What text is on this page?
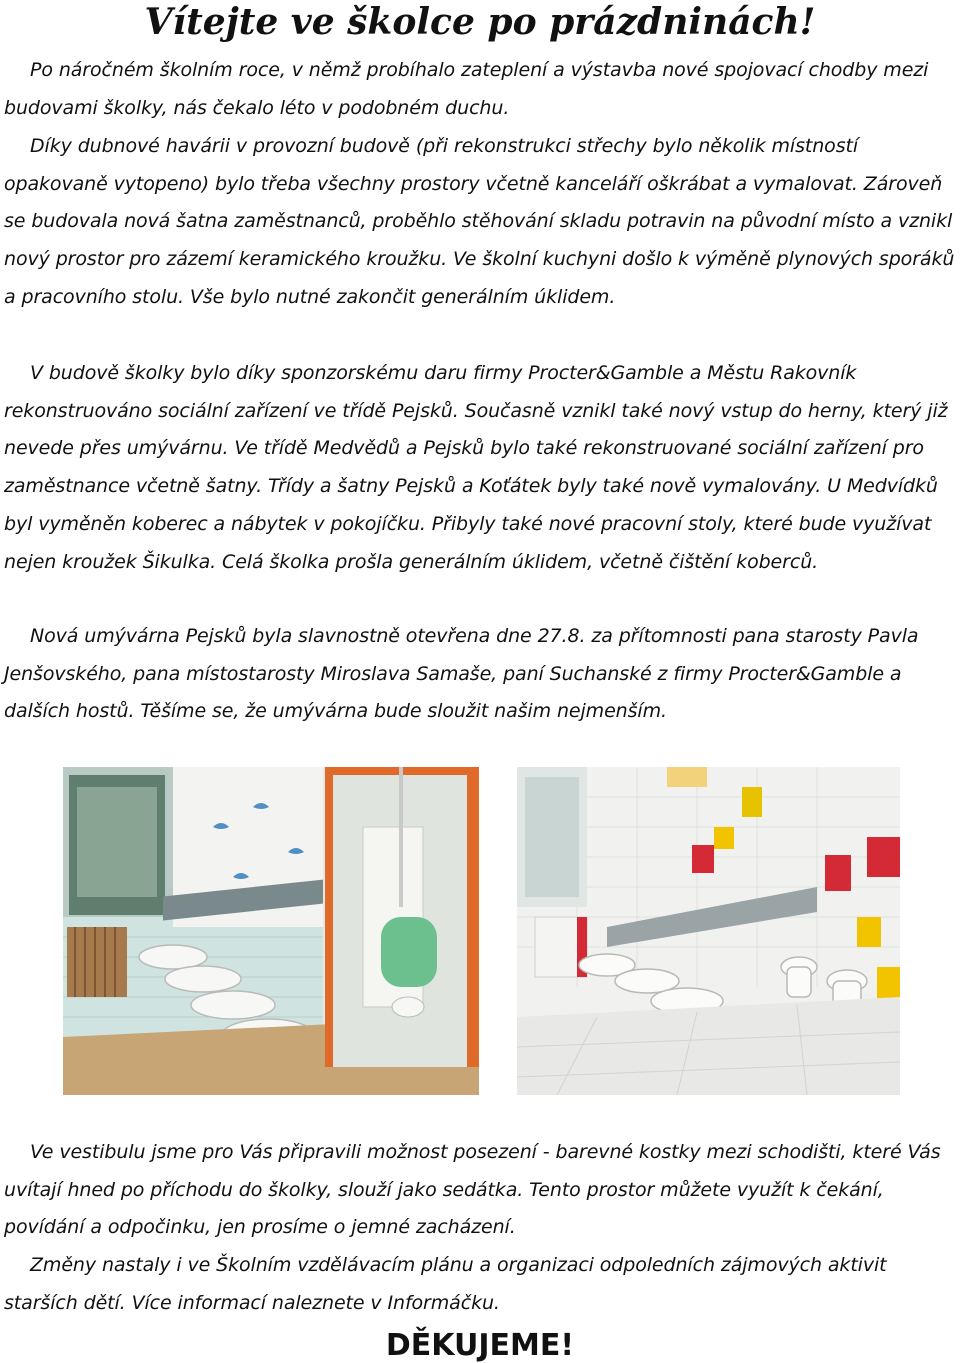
Vítejte ve školce po prázdninách!

Po náročném školním roce, v němž probíhalo zateplení a výstavba nové spojovací chodby mezi budovami školky, nás čekalo léto v podobném duchu.

Díky dubnové havárii v provozní budově (při rekonstrukci střechy bylo několik místností opakovaně vytopeno) bylo třeba všechny prostory včetně kanceláří oškrábat a vymalovat. Zároveň se budovala nová šatna zaměstnanců, proběhlo stěhování skladu potravin na původní místo a vznikl nový prostor pro zázemí keramického kroužku. Ve školní kuchyni došlo k výměně plynových sporáků a pracovního stolu. Vše bylo nutné zakončit generálním úklidem.

V budově školky bylo díky sponzorskému daru firmy Procter&Gamble a Městu Rakovník rekonstruováno sociální zařízení ve třídě Pejsků. Současně vznikl také nový vstup do herny, který již nevede přes umývárnu. Ve třídě Medvědů a Pejsků bylo také rekonstruované sociální zařízení pro zaměstnance včetně šatny. Třídy a šatny Pejsků a Koťátek byly také nově vymalovány. U Medvídků byl vyměněn koberec a nábytek v pokojíčku. Přibyly také nové pracovní stoly, které bude využívat nejen kroužek Šikulka. Celá školka prošla generálním úklidem, včetně čištění koberců.

Nová umývárna Pejsků byla slavnostně otevřena dne 27.8. za přítomnosti pana starosty Pavla Jenšovského, pana místostarosty Miroslava Samaše, paní Suchanské z firmy Procter&Gamble a dalších hostů. Těšíme se, že umývárna bude sloužit našim nejmenším.

Ve vestibulu jsme pro Vás připravili možnost posezení - barevné kostky mezi schodišti, které Vás uvítají hned po příchodu do školky, slouží jako sedátka. Tento prostor můžete využít k čekání, povídání a odpočinku, jen prosíme o jemné zacházení.

Změny nastaly i ve Školním vzdělávacím plánu a organizaci odpoledních zájmových aktivit starších dětí. Více informací naleznete v Informáčku.

DĚKUJEME!
